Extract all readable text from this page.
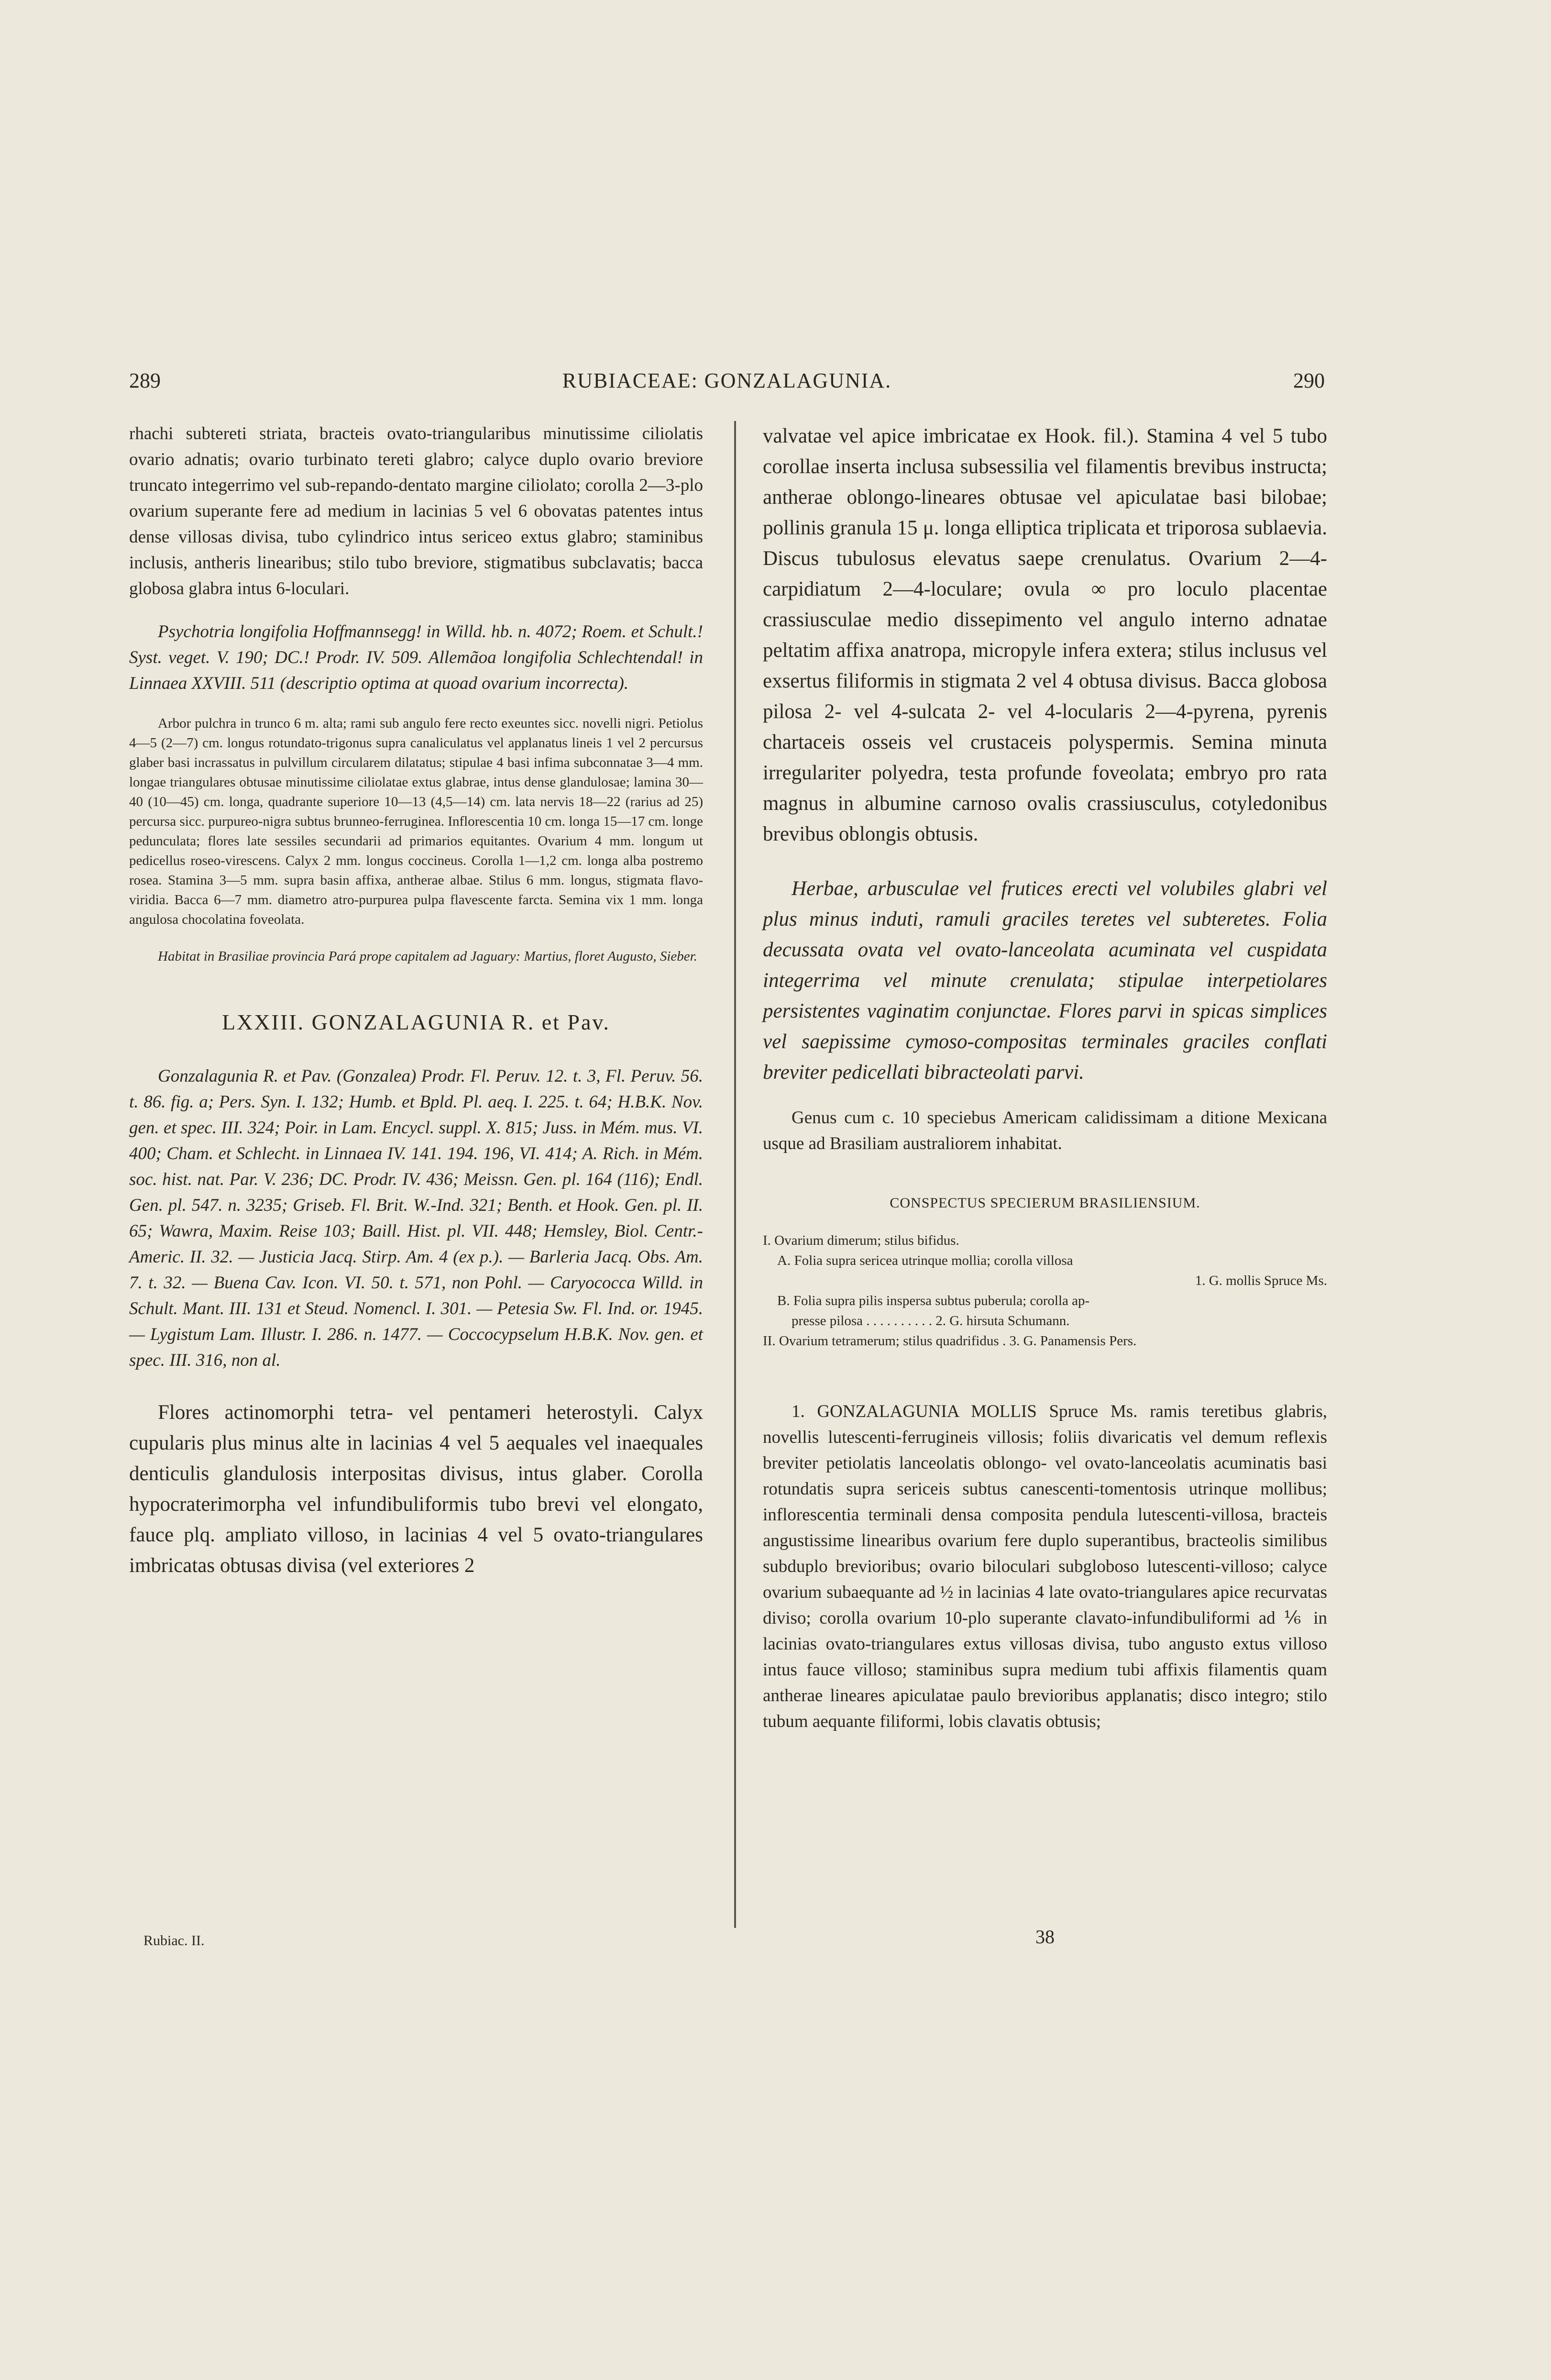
289	RUBIACEAE: GONZALAGUNIA.	290

rhachi subtereti striata, bracteis ovato-triangularibus minutissime ciliolatis ovario adnatis; ovario turbinato tereti glabro; calyce duplo ovario breviore truncato integerrimo vel sub-repando-dentato margine ciliolato; corolla 2—3-plo ovarium superante fere ad medium in lacinias 5 vel 6 obovatas patentes intus dense villosas divisa, tubo cylindrico intus sericeo extus glabro; staminibus inclusis, antheris linearibus; stilo tubo breviore, stigmatibus subclavatis; bacca globosa glabra intus 6-loculari.

Psychotria longifolia Hoffmannsegg! in Willd. hb. n. 4072; Roem. et Schult.! Syst. veget. V. 190; DC.! Prodr. IV. 509. Allemãoa longifolia Schlechtendal! in Linnaea XXVIII. 511 (descriptio optima at quoad ovarium incorrecta).

Arbor pulchra in trunco 6 m. alta; rami sub angulo fere recto exeuntes sicc. novelli nigri. Petiolus 4—5 (2—7) cm. longus rotundato-trigonus supra canaliculatus vel applanatus lineis 1 vel 2 percursus glaber basi incrassatus in pulvillum circularem dilatatus; stipulae 4 basi infima subconnatae 3—4 mm. longae triangulares obtusae minutissime ciliolatae extus glabrae, intus dense glandulosae; lamina 30—40 (10—45) cm. longa, quadrante superiore 10—13 (4,5—14) cm. lata nervis 18—22 (rarius ad 25) percursa sicc. purpureo-nigra subtus brunneo-ferruginea. Inflorescentia 10 cm. longa 15—17 cm. longe pedunculata; flores late sessiles secundarii ad primarios equitantes. Ovarium 4 mm. longum ut pedicellus roseo-virescens. Calyx 2 mm. longus coccineus. Corolla 1—1,2 cm. longa alba postremo rosea. Stamina 3—5 mm. supra basin affixa, antherae albae. Stilus 6 mm. longus, stigmata flavo-viridia. Bacca 6—7 mm. diametro atro-purpurea pulpa flavescente farcta. Semina vix 1 mm. longa angulosa chocolatina foveolata.

Habitat in Brasiliae provincia Pará prope capitalem ad Jaguary: Martius, floret Augusto, Sieber.

LXXIII. GONZALAGUNIA R. et Pav.

Gonzalagunia R. et Pav. (Gonzalea) Prodr. Fl. Peruv. 12. t. 3, Fl. Peruv. 56. t. 86. fig. a; Pers. Syn. I. 132; Humb. et Bpld. Pl. aeq. I. 225. t. 64; H.B.K. Nov. gen. et spec. III. 324; Poir. in Lam. Encycl. suppl. X. 815; Juss. in Mém. mus. VI. 400; Cham. et Schlecht. in Linnaea IV. 141. 194. 196, VI. 414; A. Rich. in Mém. soc. hist. nat. Par. V. 236; DC. Prodr. IV. 436; Meissn. Gen. pl. 164 (116); Endl. Gen. pl. 547. n. 3235; Griseb. Fl. Brit. W.-Ind. 321; Benth. et Hook. Gen. pl. II. 65; Wawra, Maxim. Reise 103; Baill. Hist. pl. VII. 448; Hemsley, Biol. Centr.-Americ. II. 32. — Justicia Jacq. Stirp. Am. 4 (ex p.). — Barleria Jacq. Obs. Am. 7. t. 32. — Buena Cav. Icon. VI. 50. t. 571, non Pohl. — Caryococca Willd. in Schult. Mant. III. 131 et Steud. Nomencl. I. 301. — Petesia Sw. Fl. Ind. or. 1945. — Lygistum Lam. Illustr. I. 286. n. 1477. — Coccocypselum H.B.K. Nov. gen. et spec. III. 316, non al.

Flores actinomorphi tetra- vel pentameri heterostyli. Calyx cupularis plus minus alte in lacinias 4 vel 5 aequales vel inaequales denticulis glandulosis interpositas divisus, intus glaber. Corolla hypocraterimorpha vel infundibuliformis tubo brevi vel elongato, fauce plq. ampliato villoso, in lacinias 4 vel 5 ovato-triangulares imbricatas obtusas divisa (vel exteriores 2

valvatae vel apice imbricatae ex Hook. fil.). Stamina 4 vel 5 tubo corollae inserta inclusa subsessilia vel filamentis brevibus instructa; antherae oblongo-lineares obtusae vel apiculatae basi bilobae; pollinis granula 15 μ. longa elliptica triplicata et triporosa sublaevia. Discus tubulosus elevatus saepe crenulatus. Ovarium 2—4-carpidiatum 2—4-loculare; ovula ∞ pro loculo placentae crassiusculae medio dissepimento vel angulo interno adnatae peltatim affixa anatropa, micropyle infera extera; stilus inclusus vel exsertus filiformis in stigmata 2 vel 4 obtusa divisus. Bacca globosa pilosa 2- vel 4-sulcata 2- vel 4-locularis 2—4-pyrena, pyrenis chartaceis osseis vel crustaceis polyspermis. Semina minuta irregulariter polyedra, testa profunde foveolata; embryo pro rata magnus in albumine carnoso ovalis crassiusculus, cotyledonibus brevibus oblongis obtusis.

Herbae, arbusculae vel frutices erecti vel volubiles glabri vel plus minus induti, ramuli graciles teretes vel subteretes. Folia decussata ovata vel ovato-lanceolata acuminata vel cuspidata integerrima vel minute crenulata; stipulae interpetiolares persistentes vaginatim conjunctae. Flores parvi in spicas simplices vel saepissime cymoso-compositas terminales graciles conflati breviter pedicellati bibracteolati parvi.

Genus cum c. 10 speciebus Americam calidissimam a ditione Mexicana usque ad Brasiliam australiorem inhabitat.

CONSPECTUS SPECIERUM BRASILIENSIUM.
I. Ovarium dimerum; stilus bifidus.
A. Folia supra sericea utrinque mollia; corolla villosa
1. G. mollis Spruce Ms.
B. Folia supra pilis inspersa subtus puberula; corolla ap-
presse pilosa . . . . . . . . . . 2. G. hirsuta Schumann.
II. Ovarium tetramerum; stilus quadrifidus . 3. G. Panamensis Pers.

1. GONZALAGUNIA MOLLIS Spruce Ms. ramis teretibus glabris, novellis lutescenti-ferrugineis villosis; foliis divaricatis vel demum reflexis breviter petiolatis lanceolatis oblongo- vel ovato-lanceolatis acuminatis basi rotundatis supra sericeis subtus canescenti-tomentosis utrinque mollibus; inflorescentia terminali densa composita pendula lutescenti-villosa, bracteis angustissime linearibus ovarium fere duplo superantibus, bracteolis similibus subduplo brevioribus; ovario biloculari subgloboso lutescenti-villoso; calyce ovarium subaequante ad ½ in lacinias 4 late ovato-triangulares apice recurvatas diviso; corolla ovarium 10-plo superante clavato-infundibuliformi ad ⅙ in lacinias ovato-triangulares extus villosas divisa, tubo angusto extus villoso intus fauce villoso; staminibus supra medium tubi affixis filamentis quam antherae lineares apiculatae paulo brevioribus applanatis; disco integro; stilo tubum aequante filiformi, lobis clavatis obtusis;

Rubiac. II.	38
